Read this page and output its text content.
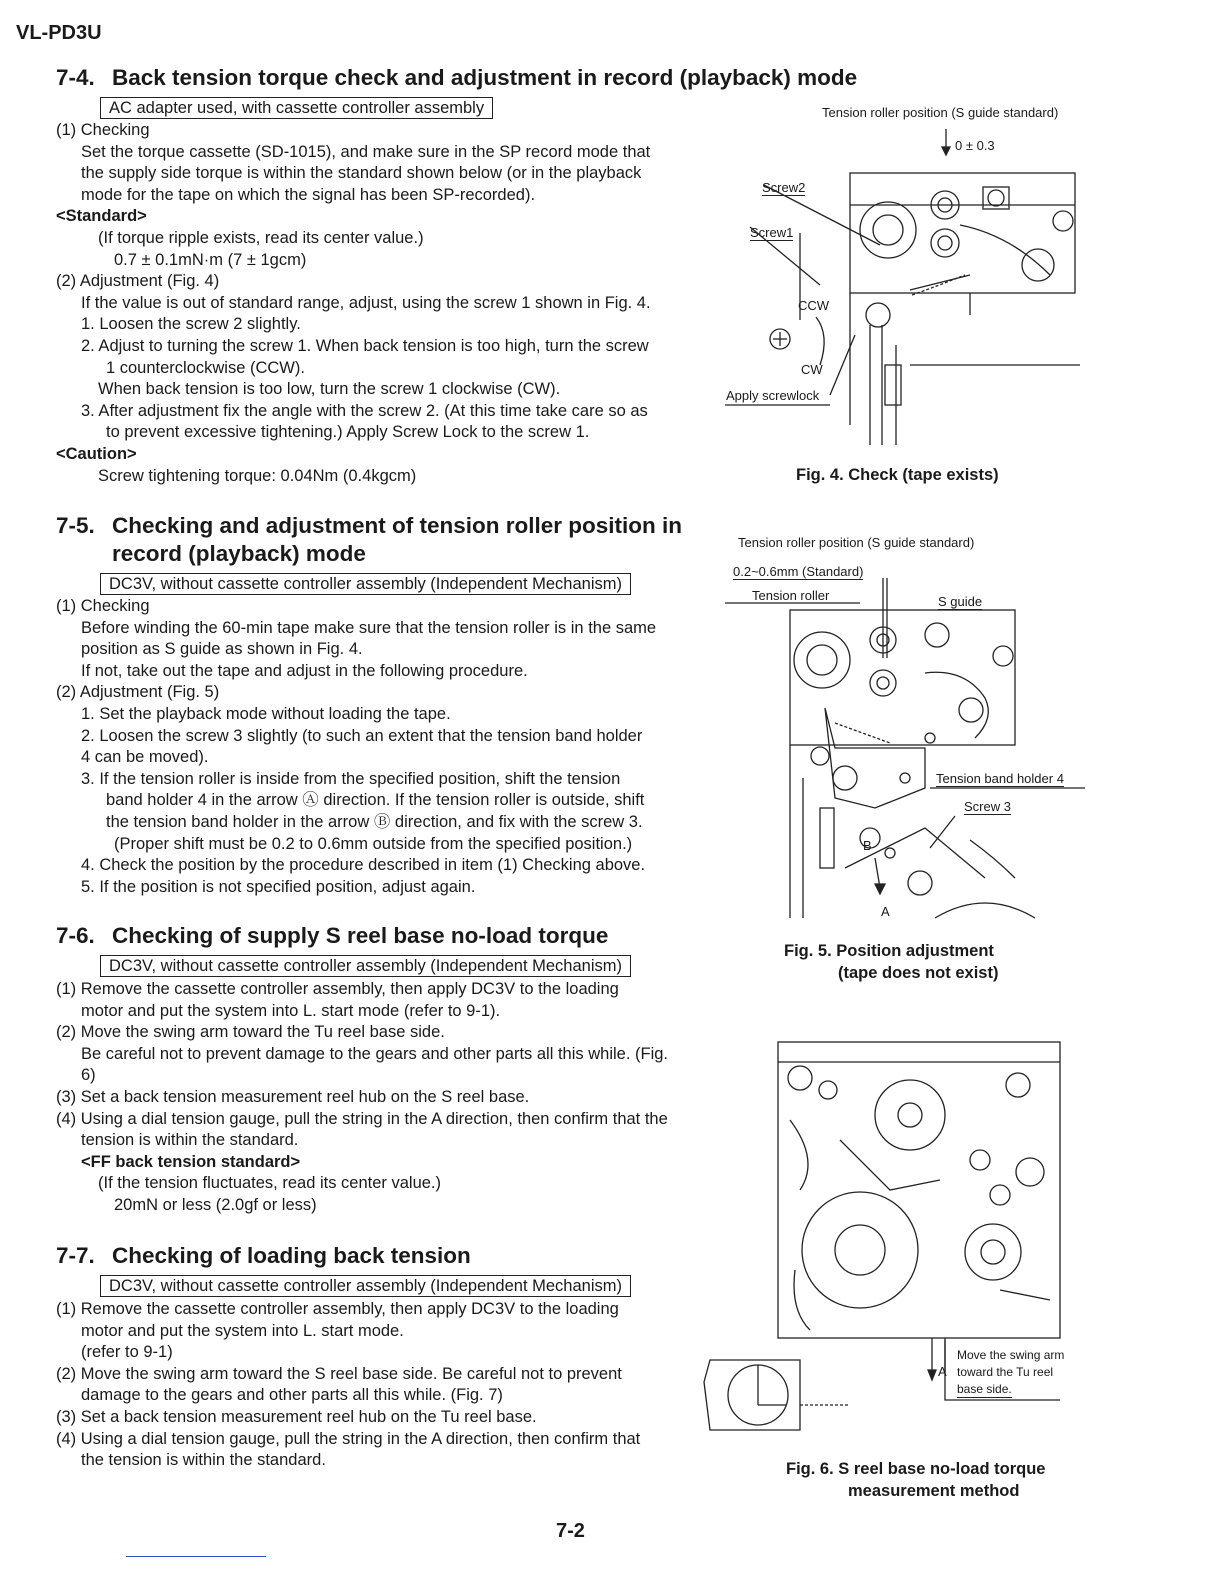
VL-PD3U
7-4. Back tension torque check and adjustment in record (playback) mode
AC adapter used, with cassette controller assembly

(1) Checking

Set the torque cassette (SD-1015), and make sure in the SP record mode that

the supply side torque is within the standard shown below (or in the playback

mode for the tape on which the signal has been SP-recorded).

<Standard>

(If torque ripple exists, read its center value.)

0.7 ± 0.1mN·m (7 ± 1gcm)

(2) Adjustment (Fig. 4)

If the value is out of standard range, adjust, using the screw 1 shown in Fig. 4.

1. Loosen the screw 2 slightly.

2. Adjust to turning the screw 1. When back tension is too high, turn the screw

1 counterclockwise (CCW).

When back tension is too low, turn the screw 1 clockwise (CW).

3. After adjustment fix the angle with the screw 2. (At this time take care so as

to prevent excessive tightening.) Apply Screw Lock to the screw 1.

<Caution>

Screw tightening torque: 0.04Nm (0.4kgcm)

7-5. Checking and adjustment of tension roller position in
record (playback) mode
DC3V, without cassette controller assembly (Independent Mechanism)

(1) Checking

Before winding the 60-min tape make sure that the tension roller is in the same

position as S guide as shown in Fig. 4.

If not, take out the tape and adjust in the following procedure.

(2) Adjustment (Fig. 5)

1. Set the playback mode without loading the tape.

2. Loosen the screw 3 slightly (to such an extent that the tension band holder

4 can be moved).

3. If the tension roller is inside from the specified position, shift the tension

band holder 4 in the arrow Ⓐ direction. If the tension roller is outside, shift

the tension band holder in the arrow Ⓑ direction, and fix with the screw 3.

(Proper shift must be 0.2 to 0.6mm outside from the specified position.)

4. Check the position by the procedure described in item (1) Checking above.

5. If the position is not specified position, adjust again.

7-6. Checking of supply S reel base no-load torque
DC3V, without cassette controller assembly (Independent Mechanism)

(1) Remove the cassette controller assembly, then apply DC3V to the loading

motor and put the system into L. start mode (refer to 9-1).

(2) Move the swing arm toward the Tu reel base side.

Be careful not to prevent damage to the gears and other parts all this while. (Fig.

6)

(3) Set a back tension measurement reel hub on the S reel base.

(4) Using a dial tension gauge, pull the string in the A direction, then confirm that the

tension is within the standard.

<FF back tension standard>

(If the tension fluctuates, read its center value.)

20mN or less (2.0gf or less)

7-7. Checking of loading back tension
DC3V, without cassette controller assembly (Independent Mechanism)

(1) Remove the cassette controller assembly, then apply DC3V to the loading

motor and put the system into L. start mode.

(refer to 9-1)

(2) Move the swing arm toward the S reel base side. Be careful not to prevent

damage to the gears and other parts all this while. (Fig. 7)

(3) Set a back tension measurement reel hub on the Tu reel base.

(4) Using a dial tension gauge, pull the string in the A direction, then confirm that

the tension is within the standard.

Tension roller position (S guide standard)
0 ± 0.3
Screw2
Screw1
CCW
CW
Apply screwlock
Fig. 4. Check (tape exists)
Tension roller position (S guide standard)
0.2~0.6mm (Standard)
Tension roller	S guide
Tension band holder 4
Screw 3
B
A
Fig. 5. Position adjustment
(tape does not exist)
A
Move the swing arm
toward the Tu reel
base side.
Fig. 6. S reel base no-load torque
measurement method
7-2
